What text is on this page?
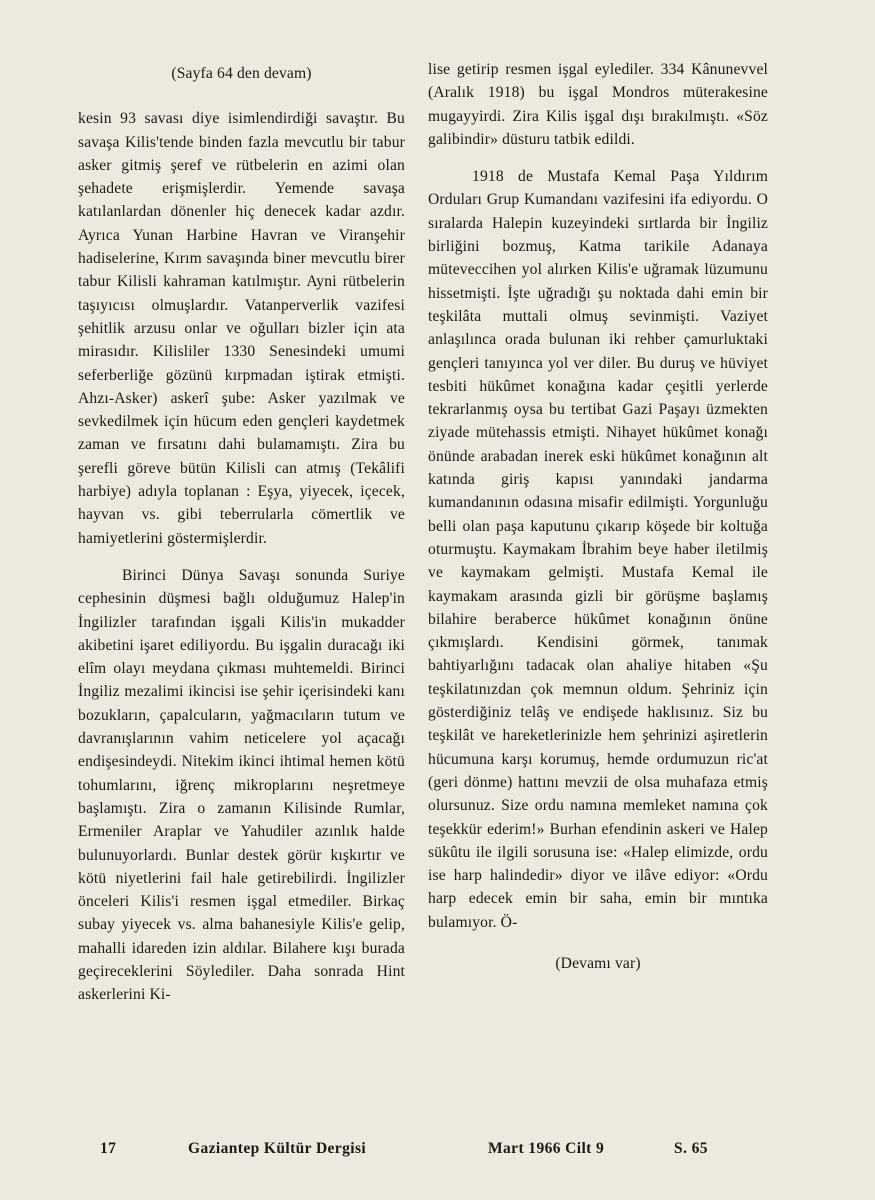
(Sayfa 64 den devam)

kesin 93 savası diye isimlendirdiği savaştır. Bu savaşa Kilis'tende binden fazla mevcutlu bir tabur asker gitmiş şeref ve rütbelerin en azimi olan şehadete erişmişlerdir. Yemende savaşa katılanlardan dönenler hiç denecek kadar azdır. Ayrıca Yunan Harbine Havran ve Viranşehir hadiselerine, Kırım savaşında biner mevcutlu birer tabur Kilisli kahraman katılmıştır. Ayni rütbelerin taşıyıcısı olmuşlardır. Vatanperverlik vazifesi şehitlik arzusu onlar ve oğulları bizler için ata mirasıdır. Kilisliler 1330 Senesindeki umumi seferberliğe gözünü kırpmadan iştirak etmişti. Ahzı-Asker) askerî şube: Asker yazılmak ve sevkedilmek için hücum eden gençleri kaydetmek zaman ve fırsatını dahi bulamamıştı. Zira bu şerefli göreve bütün Kilisli can atmış (Tekâlifi harbiye) adıyla toplanan : Eşya, yiyecek, içecek, hayvan vs. gibi teberrularla cömertlik ve hamiyetlerini göstermişlerdir.

Birinci Dünya Savaşı sonunda Suriye cephesinin düşmesi bağlı olduğumuz Halep'in İngilizler tarafından işgali Kilis'in mukadder akibetini işaret ediliyordu. Bu işgalin duracağı iki elîm olayı meydana çıkması muhtemeldi. Birinci İngiliz mezalimi ikincisi ise şehir içerisindeki kanı bozukların, çapalcuların, yağmacıların tutum ve davranışlarının vahim neticelere yol açacağı endişesindeydi. Nitekim ikinci ihtimal hemen kötü tohumlarını, iğrenç mikroplarını neşretmeye başlamıştı. Zira o zamanın Kilisinde Rumlar, Ermeniler Araplar ve Yahudiler azınlık halde bulunuyorlardı. Bunlar destek görür kışkırtır ve kötü niyetlerini fail hale getirebilirdi. İngilizler önceleri Kilis'i resmen işgal etmediler. Birkaç subay yiyecek vs. alma bahanesiyle Kilis'e gelip, mahalli idareden izin aldılar. Bilahere kışı burada geçireceklerini Söylediler. Daha sonrada Hint askerlerini Ki-

lise getirip resmen işgal eylediler. 334 Kânunevvel (Aralık 1918) bu işgal Mondros müterakesine mugayyirdi. Zira Kilis işgal dışı bırakılmıştı. «Söz galibindir» düsturu tatbik edildi.

1918 de Mustafa Kemal Paşa Yıldırım Orduları Grup Kumandanı vazifesini ifa ediyordu. O sıralarda Halepin kuzeyindeki sırtlarda bir İngiliz birliğini bozmuş, Katma tarikile Adanaya müteveccihen yol alırken Kilis'e uğramak lüzumunu hissetmişti. İşte uğradığı şu noktada dahi emin bir teşkilâta muttali olmuş sevinmişti. Vaziyet anlaşılınca orada bulunan iki rehber çamurluktaki gençleri tanıyınca yol ver diler. Bu duruş ve hüviyet tesbiti hükûmet konağına kadar çeşitli yerlerde tekrarlanmış oysa bu tertibat Gazi Paşayı üzmekten ziyade mütehassis etmişti. Nihayet hükûmet konağı önünde arabadan inerek eski hükûmet konağının alt katında giriş kapısı yanındaki jandarma kumandanının odasına misafir edilmişti. Yorgunluğu belli olan paşa kaputunu çıkarıp köşede bir koltuğa oturmuştu. Kaymakam İbrahim beye haber iletilmiş ve kaymakam gelmişti. Mustafa Kemal ile kaymakam arasında gizli bir görüşme başlamış bilahire beraberce hükûmet konağının önüne çıkmışlardı. Kendisini görmek, tanımak bahtiyarlığını tadacak olan ahaliye hitaben «Şu teşkilatınızdan çok memnun oldum. Şehriniz için gösterdiğiniz telâş ve endişede haklısınız. Siz bu teşkilât ve hareketlerinizle hem şehrinizi aşiretlerin hücumuna karşı korumuş, hemde ordumuzun ric'at (geri dönme) hattını mevzii de olsa muhafaza etmiş olursunuz. Size ordu namına memleket namına çok teşekkür ederim!» Burhan efendinin askeri ve Halep sükûtu ile ilgili sorusuna ise: «Halep elimizde, ordu ise harp halindedir» diyor ve ilâve ediyor: «Ordu harp edecek emin bir saha, emin bir mıntıka bulamıyor. Ö-

(Devamı var)
17	Gaziantep Kültür Dergisi	Mart 1966 Cilt 9	S. 65
